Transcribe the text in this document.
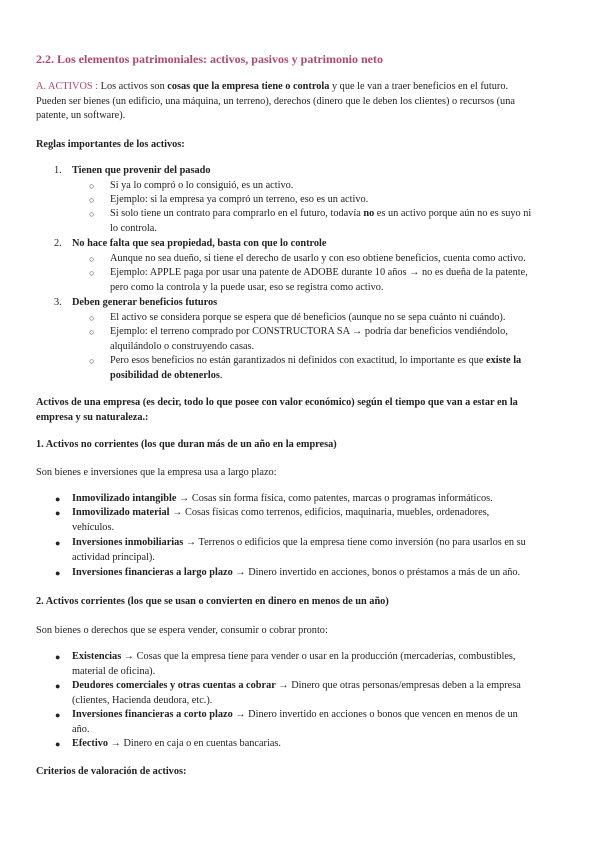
2.2. Los elementos patrimoniales: activos, pasivos y patrimonio neto
A. ACTIVOS : Los activos son cosas que la empresa tiene o controla y que le van a traer beneficios en el futuro.
Pueden ser bienes (un edificio, una máquina, un terreno), derechos (dinero que le deben los clientes) o recursos (una
patente, un software).
Reglas importantes de los activos:
1. Tienen que provenir del pasado
○ Si ya lo compró o lo consiguió, es un activo.
○ Ejemplo: si la empresa ya compró un terreno, eso es un activo.
○ Si solo tiene un contrato para comprarlo en el futuro, todavía no es un activo porque aún no es suyo ni
lo controla.
2. No hace falta que sea propiedad, basta con que lo controle
○ Aunque no sea dueño, si tiene el derecho de usarlo y con eso obtiene beneficios, cuenta como activo.
○ Ejemplo: APPLE paga por usar una patente de ADOBE durante 10 años → no es dueña de la patente,
pero como la controla y la puede usar, eso se registra como activo.
3. Deben generar beneficios futuros
○ El activo se considera porque se espera que dé beneficios (aunque no se sepa cuánto ni cuándo).
○ Ejemplo: el terreno comprado por CONSTRUCTORA SA → podría dar beneficios vendiéndolo,
alquilándolo o construyendo casas.
○ Pero esos beneficios no están garantizados ni definidos con exactitud, lo importante es que existe la
posibilidad de obtenerlos.
Activos de una empresa (es decir, todo lo que posee con valor económico) según el tiempo que van a estar en la
empresa y su naturaleza.:
1. Activos no corrientes (los que duran más de un año en la empresa)
Son bienes e inversiones que la empresa usa a largo plazo:
● Inmovilizado intangible → Cosas sin forma física, como patentes, marcas o programas informáticos.
● Inmovilizado material → Cosas físicas como terrenos, edificios, maquinaria, muebles, ordenadores,
vehículos.
● Inversiones inmobiliarias → Terrenos o edificios que la empresa tiene como inversión (no para usarlos en su
actividad principal).
● Inversiones financieras a largo plazo → Dinero invertido en acciones, bonos o préstamos a más de un año.
2. Activos corrientes (los que se usan o convierten en dinero en menos de un año)
Son bienes o derechos que se espera vender, consumir o cobrar pronto:
● Existencias → Cosas que la empresa tiene para vender o usar en la producción (mercaderías, combustibles,
material de oficina).
● Deudores comerciales y otras cuentas a cobrar → Dinero que otras personas/empresas deben a la empresa
(clientes, Hacienda deudora, etc.).
● Inversiones financieras a corto plazo → Dinero invertido en acciones o bonos que vencen en menos de un
año.
● Efectivo → Dinero en caja o en cuentas bancarias.
Criterios de valoración de activos:
